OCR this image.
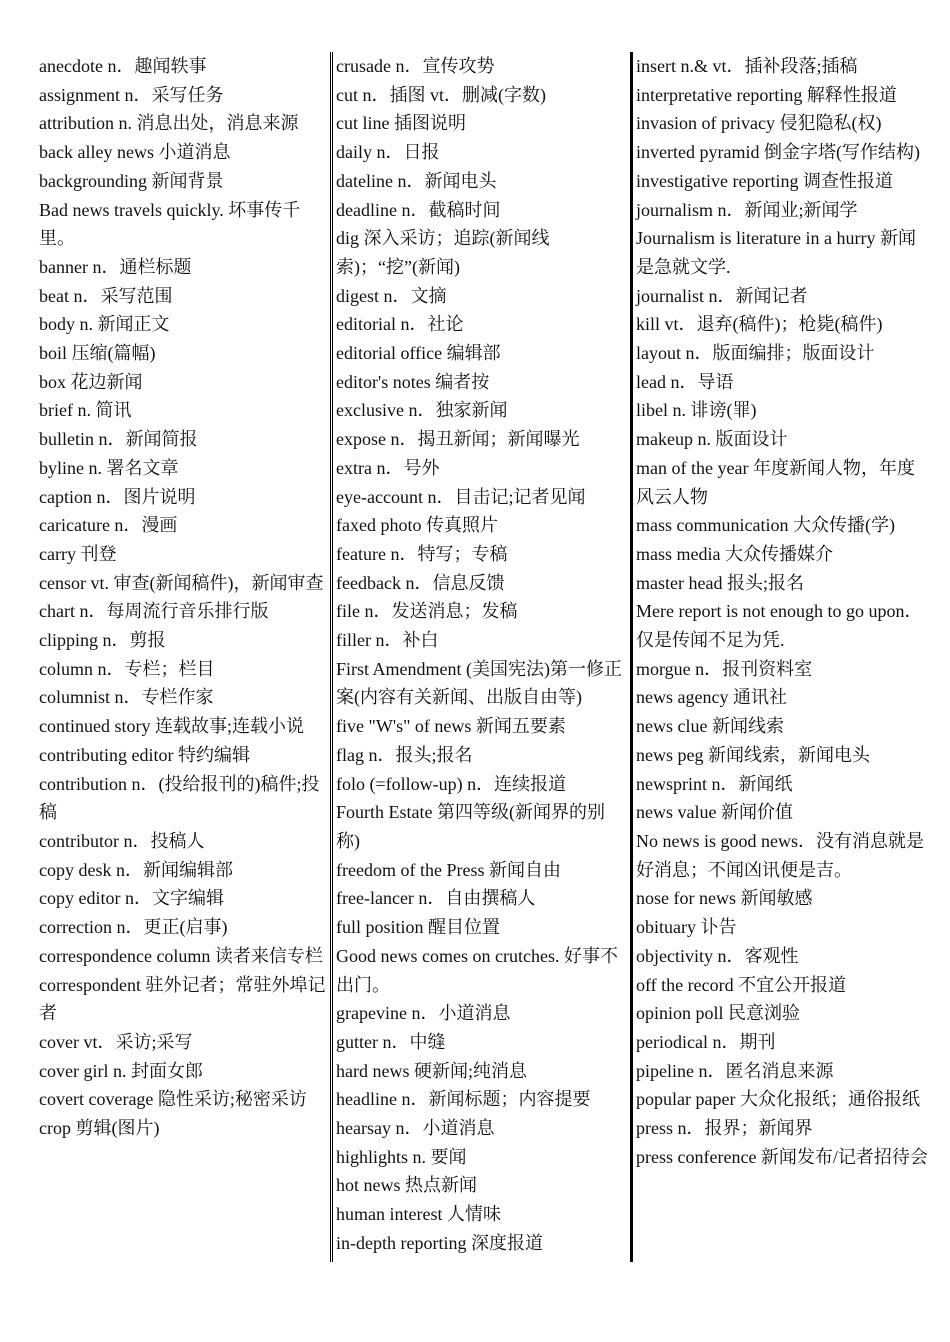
anecdote n．趣闻轶事
assignment n．采写任务
attribution n. 消息出处，消息来源
back alley news 小道消息
backgrounding 新闻背景
Bad news travels quickly. 坏事传千里。
banner n．通栏标题
beat n．采写范围
body n. 新闻正文
boil 压缩(篇幅)
box 花边新闻
brief n. 简讯
bulletin n．新闻简报
byline n. 署名文章
caption n．图片说明
caricature n．漫画
carry 刊登
censor vt. 审查(新闻稿件)，新闻审查
chart n．每周流行音乐排行版
clipping n．剪报
column n．专栏；栏目
columnist n．专栏作家
continued story 连载故事;连载小说
contributing editor 特约编辑
contribution n．(投给报刊的)稿件;投稿
contributor n．投稿人
copy desk n．新闻编辑部
copy editor n．文字编辑
correction n．更正(启事)
correspondence column 读者来信专栏
correspondent 驻外记者；常驻外埠记者
cover vt．采访;采写
cover girl n. 封面女郎
covert coverage 隐性采访;秘密采访
crop 剪辑(图片)
crusade n．宣传攻势
cut n．插图 vt．删减(字数)
cut line 插图说明
daily n．日报
dateline n．新闻电头
deadline n．截稿时间
dig 深入采访；追踪(新闻线索)；“挖”(新闻)
digest n．文摘
editorial n．社论
editorial office 编辑部
editor's notes 编者按
exclusive n．独家新闻
expose n．揭丑新闻；新闻曝光
extra n．号外
eye-account n．目击记;记者见闻
faxed photo 传真照片
feature n．特写；专稿
feedback n．信息反馈
file n．发送消息；发稿
filler n．补白
First Amendment (美国宪法)第一修正案(内容有关新闻、出版自由等)
five "W's" of news 新闻五要素
flag n．报头;报名
folo (=follow-up) n．连续报道
Fourth Estate 第四等级(新闻界的别称)
freedom of the Press 新闻自由
free-lancer n．自由撰稿人
full position 醒目位置
Good news comes on crutches. 好事不出门。
grapevine n．小道消息
gutter n．中缝
hard news 硬新闻;纯消息
headline n．新闻标题；内容提要
hearsay n．小道消息
highlights n. 要闻
hot news 热点新闻
human interest 人情味
in-depth reporting 深度报道
insert n.& vt．插补段落;插稿
interpretative reporting 解释性报道
invasion of privacy 侵犯隐私(权)
inverted pyramid 倒金字塔(写作结构)
investigative reporting 调查性报道
journalism n．新闻业;新闻学
Journalism is literature in a hurry 新闻是急就文学.
journalist n．新闻记者
kill vt．退弃(稿件)；枪毙(稿件)
layout n．版面编排；版面设计
lead n．导语
libel n. 诽谤(罪)
makeup n. 版面设计
man of the year 年度新闻人物，年度风云人物
mass communication 大众传播(学)
mass media 大众传播媒介
master head 报头;报名
Mere report is not enough to go upon．仅是传闻不足为凭.
morgue n．报刊资料室
news agency 通讯社
news clue 新闻线索
news peg 新闻线索，新闻电头
newsprint n．新闻纸
news value 新闻价值
No news is good news．没有消息就是好消息；不闻凶讯便是吉。
nose for news 新闻敏感
obituary 讣告
objectivity n．客观性
off the record 不宜公开报道
opinion poll 民意浏验
periodical n．期刊
pipeline n．匿名消息来源
popular paper 大众化报纸；通俗报纸
press n．报界；新闻界
press conference 新闻发布/记者招待会
